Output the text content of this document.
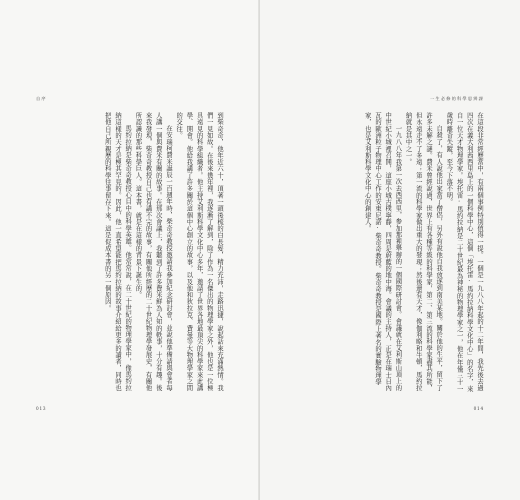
自序

到柴奇奇，他年近六十，頂著一頭後梳的白長髮，精力充沛，走路迅捷，說起話來充滿熱情。我們一見如故。在後來幾年裡，我逐漸了解到，除了作為一名傑出的物理學家之外，他也是一位極具遠見的科學組織者。他主持艾利斯科學文化中心多年，邀請了世界各地最頂尖的科學家來此講學、開會。他給我講了許多關於這個中心創立的故事，以及他和狄拉克、費曼等大物理學家之間的交往。

在安瑞柯費米誕辰一百週年時，柴奇奇教授邀請我參加紀念研討會，並說他準備請與會者每人講一個與費米有關的故事。在那次會議上，我聽到了許多費米鮮為人知的軼事，十分有趣。後來我發現，柴奇奇教授自己也有講不完的故事，有關他所經歷的二十世紀物理學發展史，有關他所認識的那些科學巨人。這本書，就是在這樣的背景下誕生的。

馬約拉納是柴奇奇教授心目中的科學英雄。他常常說，在二十世紀的物理學家中，像馬約拉納這樣的天才是極其罕見的。因此，他一直希望能把馬約拉納的故事介紹給更多的讀者，同時也把他自己所親歷的科學往事留存下來。這是促成本書的另一個原因。

013
一生必修的科學思辨課

在這段非常經歷當中，有兩個事例特別值得一提。一個是一九八八年起的十二年間，我先後去過四次在義大利西西里島上的一個科學中心，這個「埃托雷·馬約拉納科學文化中心」的名字，來自一位天才物理學家。埃托雷·馬約拉納是二十世紀最為神秘的物理學家之一，他在年僅三十一歲時離奇失蹤，至今下落不明。

自殺了，有人說他出家當了僧侶，另外有說他自我放逐到南美某地。關於他的生平，留下了許多未解之謎。費米曾經說過，世界上有各種等級的科學家，第二、第三流的科學家盡其所能，但永遠走不了多遠；第一流的科學家做出重大的發現；然後還有天才，像伽利略和牛頓，馬約拉納就是其中之一。

一九八八年我第一次去西西里，参加那裡舉辦的一個國際研討會。會議就在艾利斯山頂上的中世紀小城裡召開，這座小城古樸寧靜，四周是蔚藍的地中海。會議的主持人，正是在瑞士日內瓦的歐洲粒子物理中心工作的安東尼諾·柴奇奇教授。柴奇奇教授是國際上著名的實驗物理學家，也是艾利斯科學文化中心的創建人。

014
